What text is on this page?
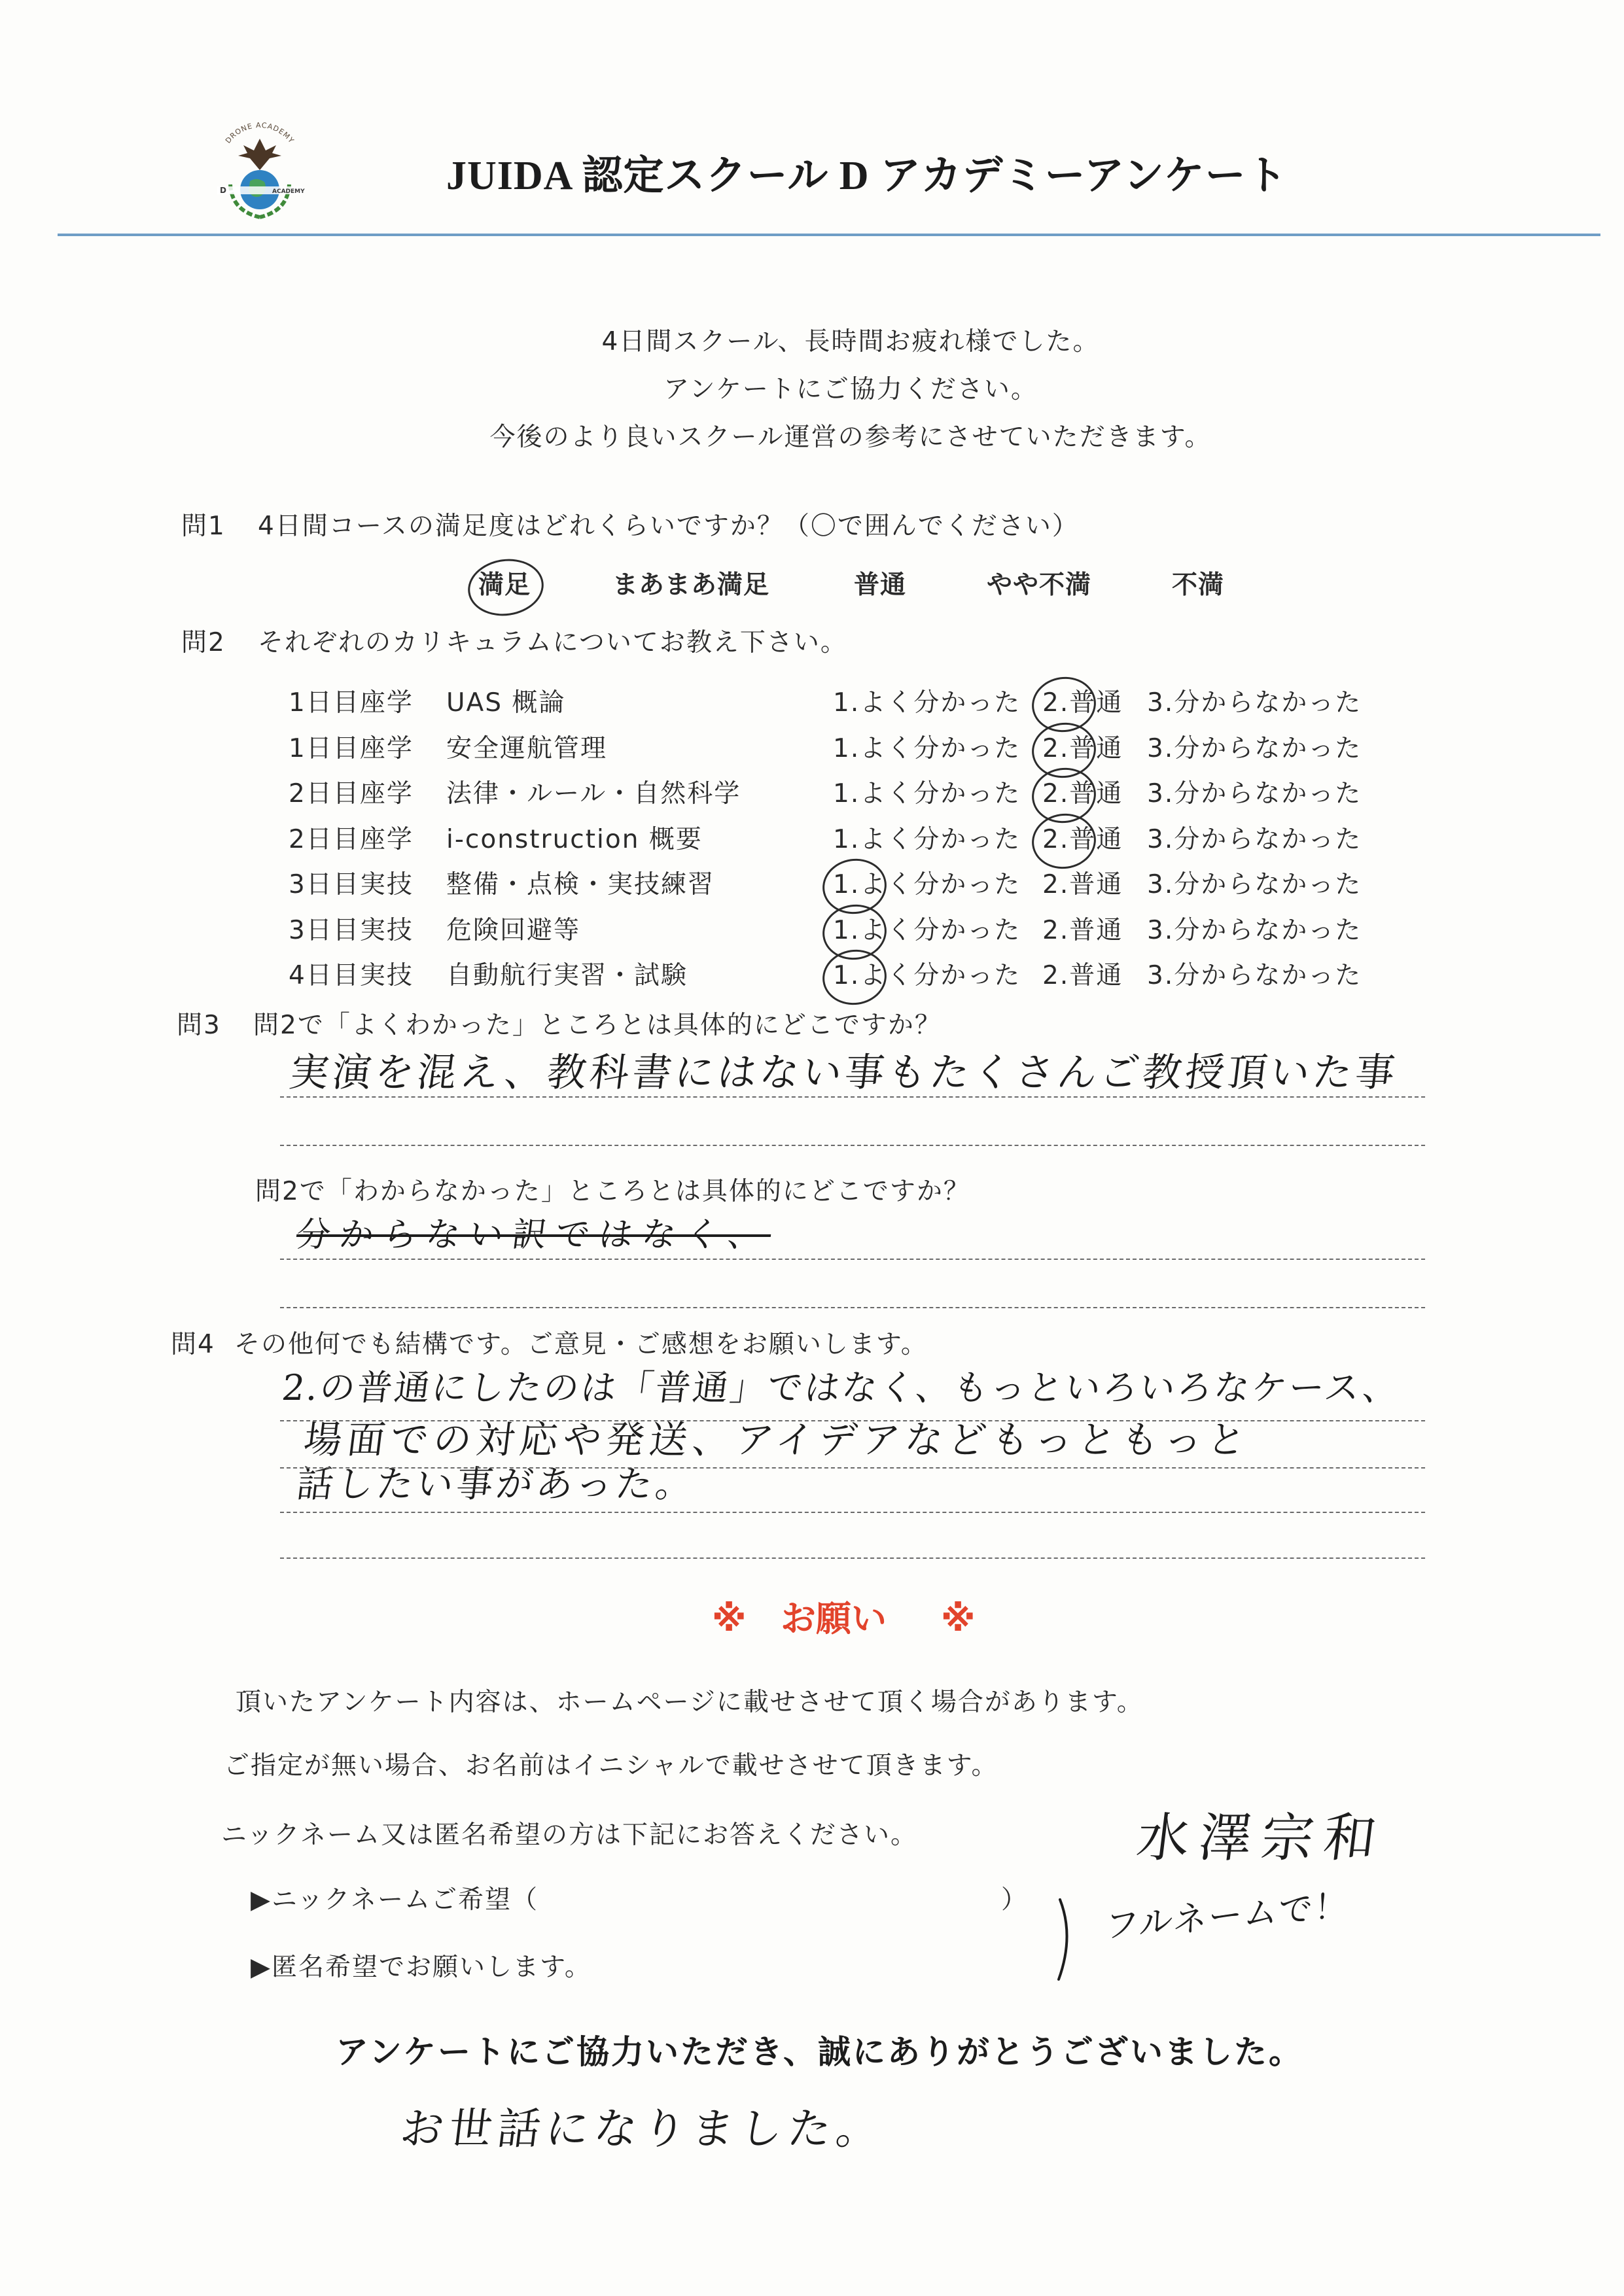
DRONE ACADEMY
D	ACADEMY	JUIDA 認定スクール D アカデミーアンケート
4日間スクール、長時間お疲れ様でした。
アンケートにご協力ください。
今後のより良いスクール運営の参考にさせていただきます。
問1 4日間コースの満足度はどれくらいですか？（〇で囲んでください）
満足	まあまあ満足	普通	やや不満	不満
問2 それぞれのカリキュラムについてお教え下さい。
1日目座学 UAS 概論	1.よく分かった 2.普通 3.分からなかった
1日目座学 安全運航管理	1.よく分かった 2.普通 3.分からなかった
2日目座学 法律・ルール・自然科学	1.よく分かった 2.普通 3.分からなかった
2日目座学 i-construction 概要	1.よく分かった 2.普通 3.分からなかった
3日目実技 整備・点検・実技練習	1.よく分かった 2.普通 3.分からなかった
3日目実技 危険回避等	1.よく分かった 2.普通 3.分からなかった
4日目実技 自動航行実習・試験	1.よく分かった 2.普通 3.分からなかった
問3 問2で「よくわかった」ところとは具体的にどこですか？
実演を混え、教科書にはない事もたくさんご教授頂いた事
問2で「わからなかった」ところとは具体的にどこですか？
分からない訳ではなく、
問4 その他何でも結構です。ご意見・ご感想をお願いします。
2.の普通にしたのは「普通」ではなく、もっといろいろなケース、
場面での対応や発送、アイデアなどもっともっと
話したい事があった。
※ お願い ※
頂いたアンケート内容は、ホームページに載せさせて頂く場合があります。
ご指定が無い場合、お名前はイニシャルで載せさせて頂きます。
ニックネーム又は匿名希望の方は下記にお答えください。	水澤宗和
▶ニックネームご希望（	） フルネームで！
▶匿名希望でお願いします。
アンケートにご協力いただき、誠にありがとうございました。
お世話になりました。
